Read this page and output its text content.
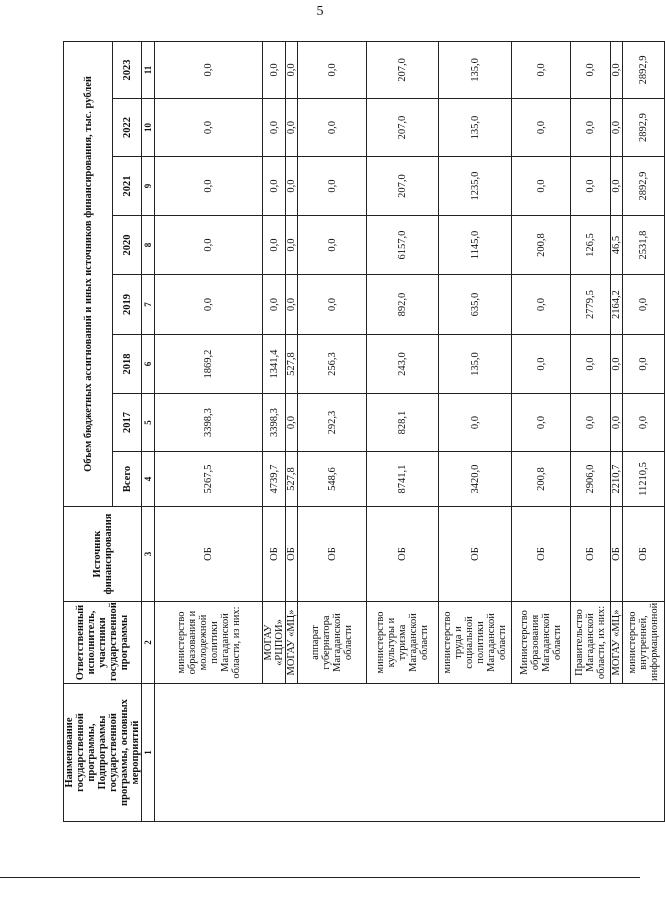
5
Наименование государственной программы, Подпрограммы государственной программы, основных мероприятий	Ответственный исполнитель, участники государственной программы	Источник финансирования	Объем бюджетных ассигнований и иных источников финансирования, тыс. рублей							
			Всего	2017	2018	2019	2020	2021	2022	2023
1	2	3	4	5	6	7	8	9	10	11
	министерство образования и молодежной политики Магаданской области, из них:	ОБ	5267,5	3398,3	1869,2	0,0	0,0	0,0	0,0	0,0
	МОГАУ «РЦПОИ»	ОБ	4739,7	3398,3	1341,4	0,0	0,0	0,0	0,0	0,0
	МОГАУ «МЦ»	ОБ	527,8	0,0	527,8	0,0	0,0	0,0	0,0	0,0
	аппарат губернатора Магаданской области	ОБ	548,6	292,3	256,3	0,0	0,0	0,0	0,0	0,0
	министерство культуры и туризма Магаданской области	ОБ	8741,1	828,1	243,0	892,0	6157,0	207,0	207,0	207,0
	министерство труда и социальной политики Магаданской области	ОБ	3420,0	0,0	135,0	635,0	1145,0	1235,0	135,0	135,0
	Министерство образования Магаданской области	ОБ	200,8	0,0	0,0	0,0	200,8	0,0	0,0	0,0
	Правительство Магаданской области, их них:	ОБ	2906,0	0,0	0,0	2779,5	126,5	0,0	0,0	0,0
	МОГАУ «МЦ»	ОБ	2210,7	0,0	0,0	2164,2	46,5	0,0	0,0	0,0
	министерство внутренней, информационной	ОБ	11210,5	0,0	0,0	0,0	2531,8	2892,9	2892,9	2892,9
